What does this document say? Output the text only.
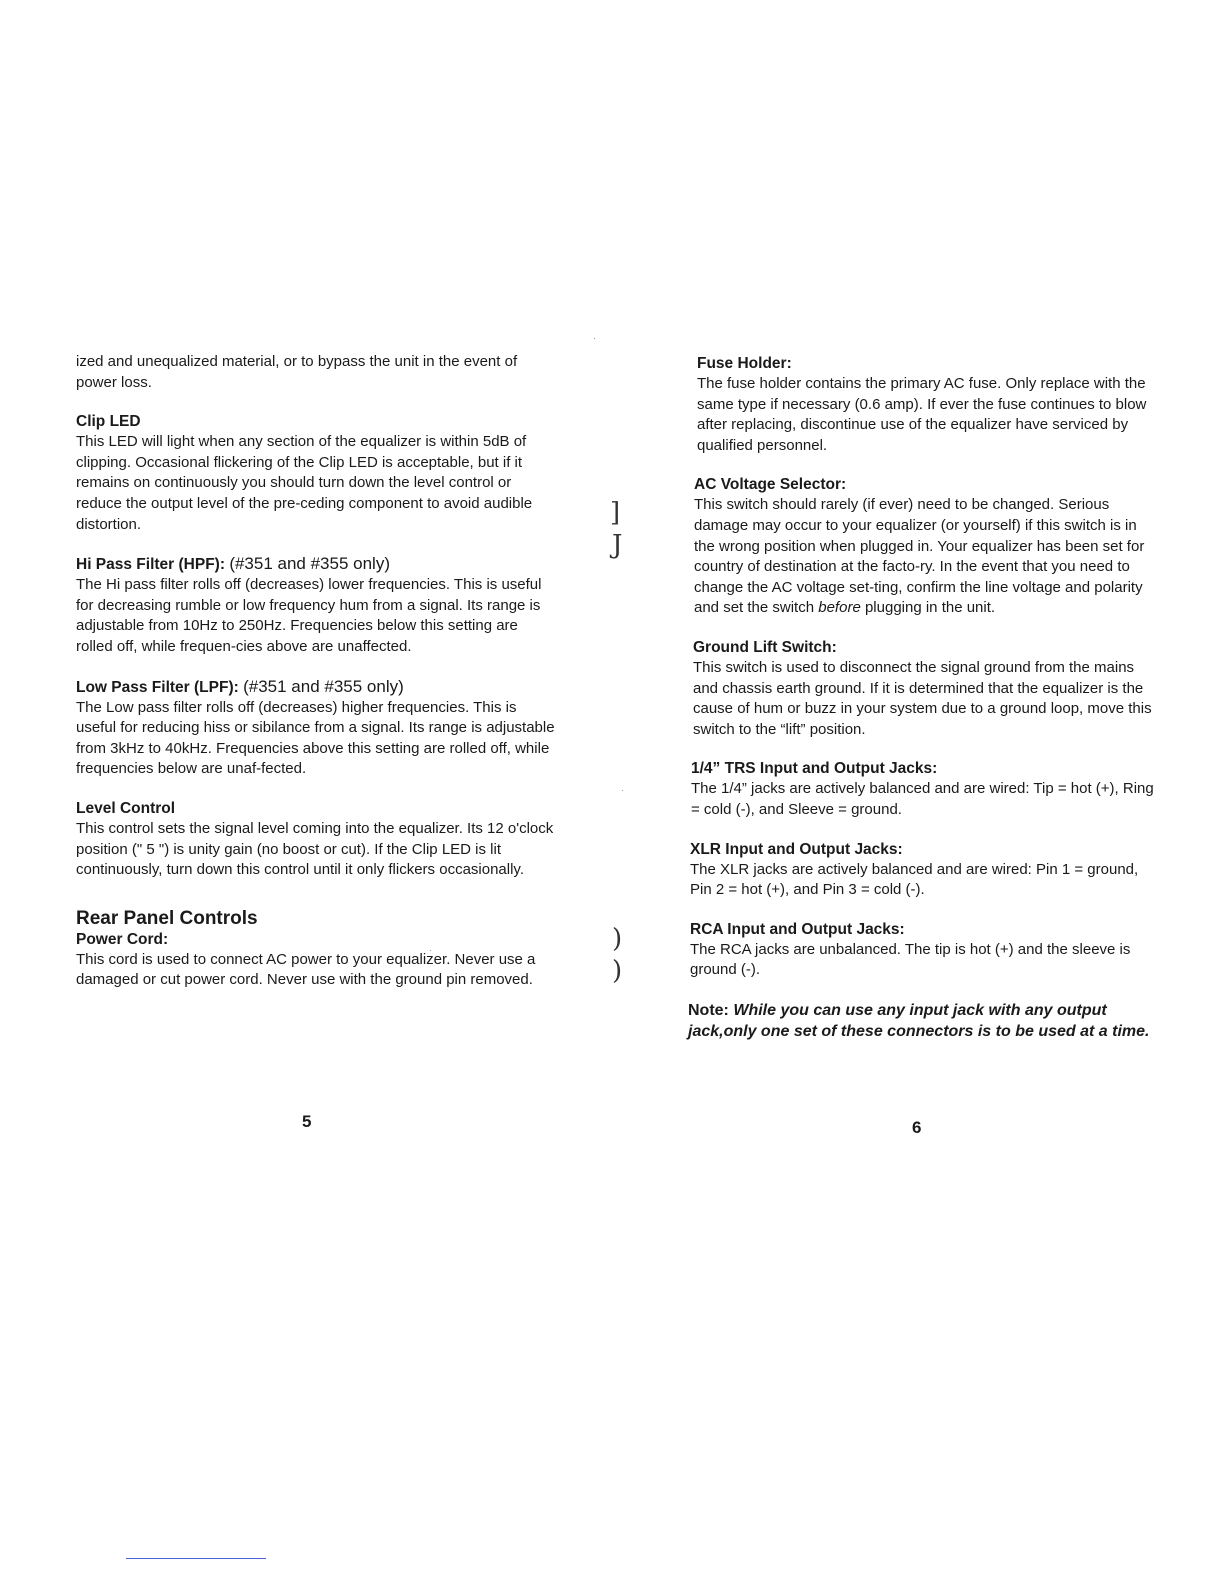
ized and unequalized material, or to bypass the unit in the event of power loss.

Clip LED

This LED will light when any section of the equalizer is within 5dB of clipping. Occasional flickering of the Clip LED is acceptable, but if it remains on continuously you should turn down the level control or reduce the output level of the pre-ceding component to avoid audible distortion.

Hi Pass Filter (HPF): (#351 and #355 only)

The Hi pass filter rolls off (decreases) lower frequencies. This is useful for decreasing rumble or low frequency hum from a signal. Its range is adjustable from 10Hz to 250Hz. Frequencies below this setting are rolled off, while frequen-cies above are unaffected.

Low Pass Filter (LPF): (#351 and #355 only)

The Low pass filter rolls off (decreases) higher frequencies. This is useful for reducing hiss or sibilance from a signal. Its range is adjustable from 3kHz to 40kHz. Frequencies above this setting are rolled off, while frequencies below are unaf-fected.

Level Control

This control sets the signal level coming into the equalizer. Its 12 o'clock position (" 5 ") is unity gain (no boost or cut). If the Clip LED is lit continuously, turn down this control until it only flickers occasionally.

Rear Panel Controls

Power Cord:

This cord is used to connect AC power to your equalizer. Never use a damaged or cut power cord. Never use with the ground pin removed.

5
]
J
)
)

Fuse Holder:

The fuse holder contains the primary AC fuse. Only replace with the same type if necessary (0.6 amp). If ever the fuse continues to blow after replacing, discontinue use of the equalizer have serviced by qualified personnel.

AC Voltage Selector:

This switch should rarely (if ever) need to be changed. Serious damage may occur to your equalizer (or yourself) if this switch is in the wrong position when plugged in. Your equalizer has been set for country of destination at the facto-ry. In the event that you need to change the AC voltage set-ting, confirm the line voltage and polarity and set the switch before plugging in the unit.

Ground Lift Switch:

This switch is used to disconnect the signal ground from the mains and chassis earth ground. If it is determined that the equalizer is the cause of hum or buzz in your system due to a ground loop, move this switch to the “lift” position.

1/4” TRS Input and Output Jacks:

The 1/4” jacks are actively balanced and are wired: Tip = hot (+), Ring = cold (-), and Sleeve = ground.

XLR Input and Output Jacks:

The XLR jacks are actively balanced and are wired: Pin 1 = ground, Pin 2 = hot (+), and Pin 3 = cold (-).

RCA Input and Output Jacks:

The RCA jacks are unbalanced. The tip is hot (+) and the sleeve is ground (-).

Note: While you can use any input jack with any output jack,only one set of these connectors is to be used at a time.

6
